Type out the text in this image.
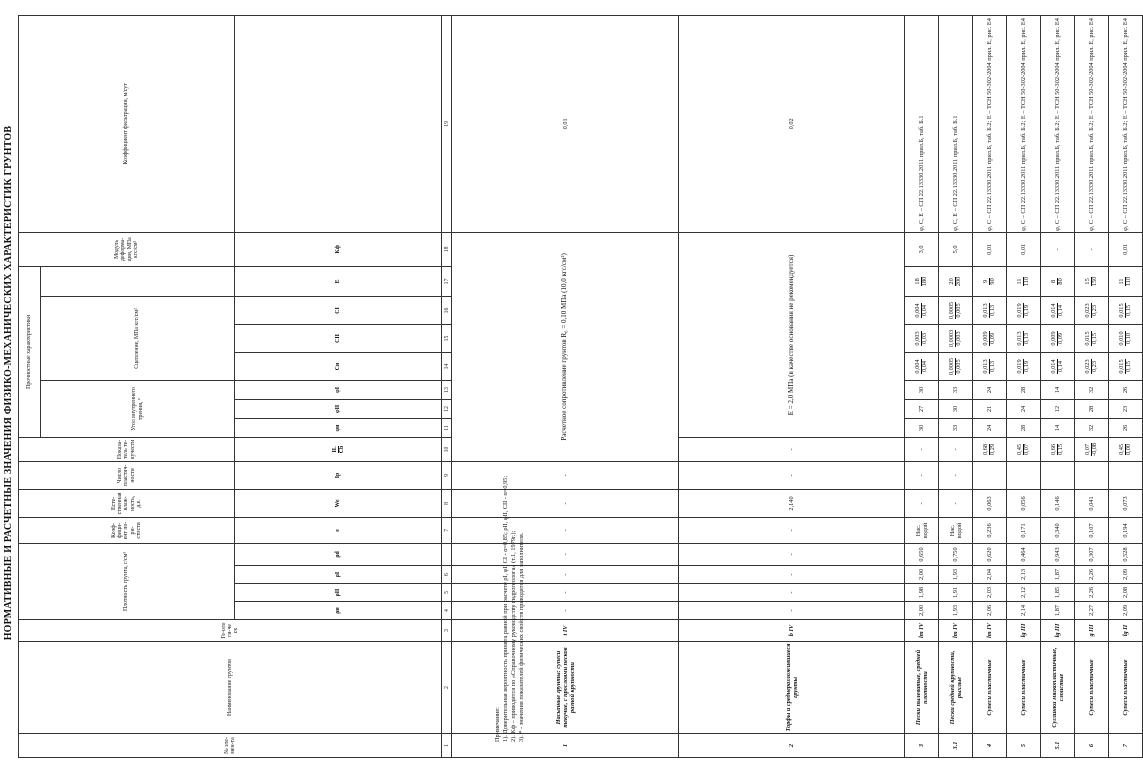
НОРМАТИВНЫЕ И РАСЧЕТНЫЕ ЗНАЧЕНИЯ ФИЗИКО-МЕХАНИЧЕСКИХ ХАРАКТЕРИСТИК ГРУНТОВ
№ эле-мен-та	Наименование грунтов	Ге-оло ги-че ск	Плотность грунта, г/см³				Коэф-фици-ент по-ри-стости	Есте-ственная влаж-ность, д.е.	Число пластич-ности	Показа-тель те-кучести	Прочностные характеристики							Модуль деформа-ции, МПа кгс/см²	Коэффициент фильтрации, м/сут	
											Угол внутреннего трения, °			Сцепление, МПа кгс/см²						

			ρн	ρII	ρI	ρd	e	We	Ip	IL Сb	φн	φII	φI	Cн	CII	CI	E	Kф		
1	2	3	4	5	6		7	8	9	10	11	12	13	14	15	16	17	18	19	
1	Насыпные грунты: супеси текучие, с прослоями песков разной крупности	t IV	-	-	-	-	-	-	-	Расчетное сопротивление грунтов R₀ = 0,10 MПа (10,0 кгс/см²)									0,01	
2	Торфы и среднеразложившиеся грунты	b IV	-	-	-	-	-	2,140	-	-	E = 2,0 MПа (в качестве основания не рекомендуется)								0,02	
3	Пески пылеватые, средней плотности	lm IV	2,00	1,98	2,00	0,650	Нас. водой	-	-	-	30	27	30	0,004 0,04	0,003 0,03	0,004 0,04	18 180	3,0	φ, C, E – СП 22.13330.2011 прил.Б, таб. Б.1	
3.1	Пески средней крупности, рыхлые	lm IV	1,93	1,91	1,93	0,750	Нас. водой	-	-	-	33	30	33	0,0005 0,005	0,0003 0,003	0,0005 0,005	20 200	5,0	φ, C, E – СП 22.13330.2011 прил.Б, таб. Б.1	
4	Супеси пластичные	lm IV	2,06	2,03	2,04	0,620	0,236	0,063		0,68 0,29	24	21	24	0,013 0,13	0,009 0,09	0,013 0,13	9 90	0,01	φ, C – СП 22.13330.2011 прил.Б, таб. Б.2; E – ТСН 50-302-2004 прил. Е, рис. Е4	
5	Супеси пластичные	lg III	2,14	2,12	2,13	0,464	0,171	0,056		0,45 0,07	28	24	28	0,019 0,19	0,013 0,13	0,019 0,19	11 110	0,01	φ, C – СП 22.13330.2011 прил.Б, таб. Б.2; E – ТСН 50-302-2004 прил. Е, рис. Е4	
5.1	Суглинки мягкопластичные, слоистые	lg III	1,87	1,85	1,87	0,943	0,340	0,146		0,66 0,15	14	12	14	0,014 0,14	0,009 0,09	0,014 0,14	8 80	-	φ, C – СП 22.13330.2011 прил.Б, таб. Б.2; E – ТСН 50-302-2004 прил. Е, рис. Е4	
6	Супеси пластичные	g III	2,27	2,26	2,26	0,307	0,107	0,041		0,07 -0,08	32	28	32	0,023 0,23	0,015 0,15	0,023 0,23	15 150	-	φ, C – СП 22.13330.2011 прил.Б, таб. Б.2; E – ТСН 50-302-2004 прил. Е, рис. Е4	
7	Супеси пластичные	lg II	2,09	2,08	2,09	0,528	0,194	0,073		0,45 0,00	26	23	26	0,015 0,15	0,010 0,10	0,015 0,15	11 110	0,01	φ, C – СП 22.13330.2011 прил.Б, таб. Б.2; E – ТСН 50-302-2004 прил. Е, рис. Е4	
Примечание: 1). Доверительная вероятность принята равной при расчете ρI, φI, CI - α=0,85; ρII, φII, CII - α=0,95; 2). Kф – приводится по «Справочному руководству гидрогеолога» (т.1, 1979г.); 3). * - значения показателей физических свойств приводятся для заполнителя.
